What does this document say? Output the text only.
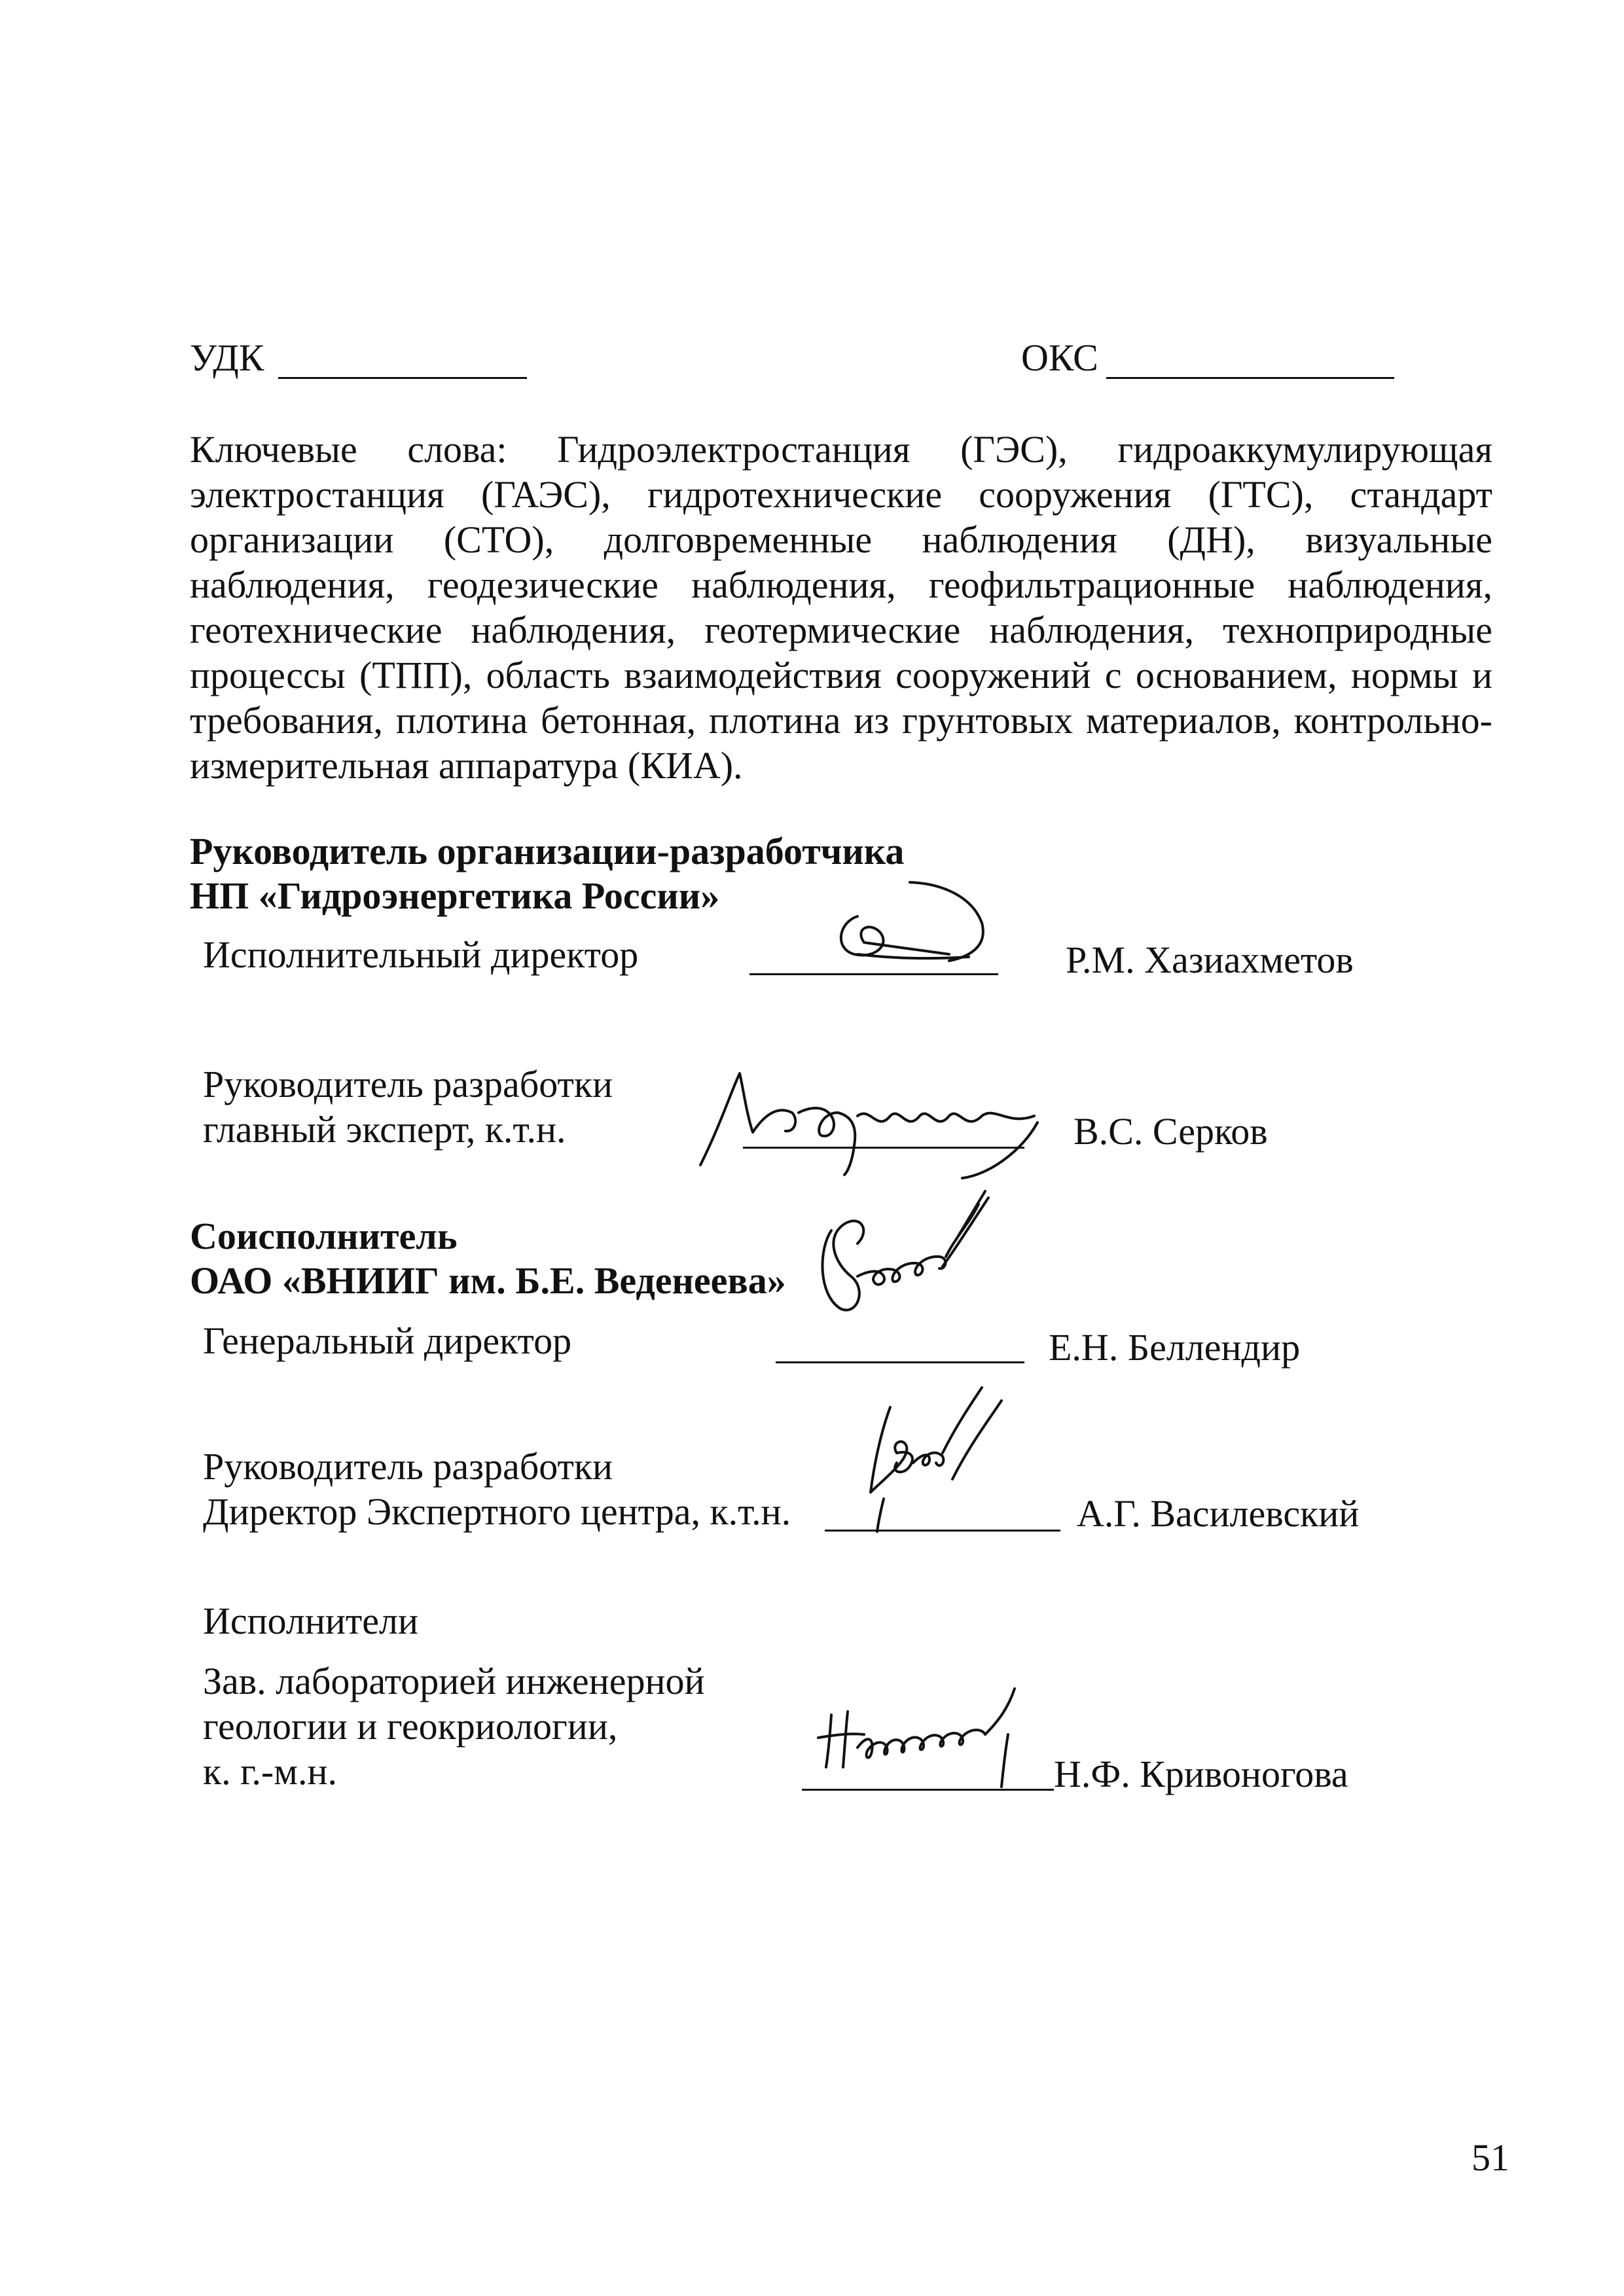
УДК	ОКС
Ключевые слова: Гидроэлектростанция (ГЭС), гидроаккумулирующая электростанция (ГАЭС), гидротехнические сооружения (ГТС), стандарт организации (СТО), долговременные наблюдения (ДН), визуальные наблюдения, геодезические наблюдения, геофильтрационные наблюдения, геотехнические наблюдения, геотермические наблюдения, техноприродные процессы (ТПП), область взаимодействия сооружений с основанием, нормы и требования, плотина бетонная, плотина из грунтовых материалов, контрольно-измерительная аппаратура (КИА).
Руководитель организации-разработчика
НП «Гидроэнергетика России»
Исполнительный директор	Р.М. Хазиахметов
Руководитель разработки
главный эксперт, к.т.н.	В.С. Серков
Соисполнитель
ОАО «ВНИИГ им. Б.Е. Веденеева»
Генеральный директор	Е.Н. Беллендир
Руководитель разработки
Директор Экспертного центра, к.т.н.	А.Г. Василевский
Исполнители
Зав. лабораторией инженерной
геологии и геокриологии,
к. г.-м.н.	Н.Ф. Кривоногова
51
